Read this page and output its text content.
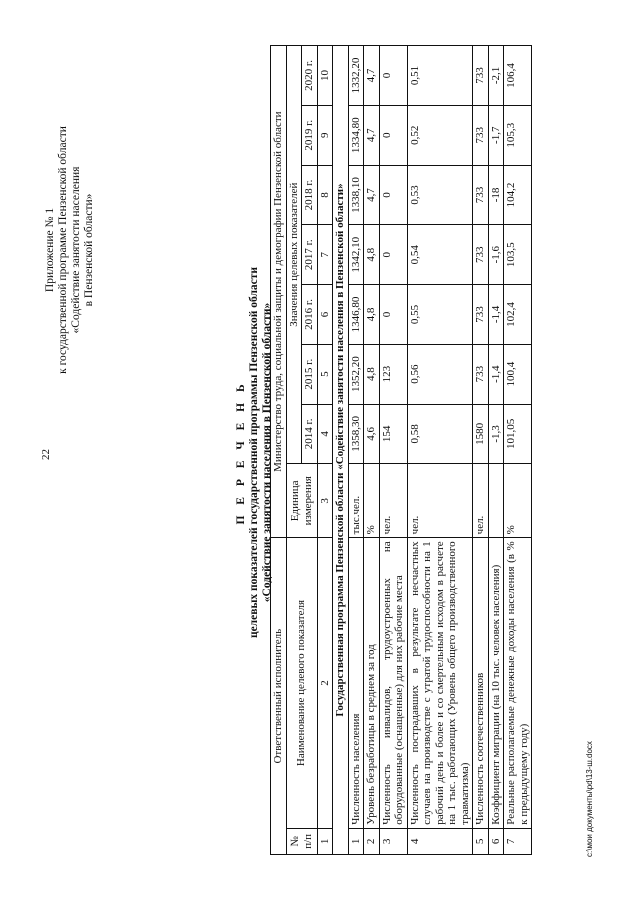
22
Приложение № 1 к государственной программе Пензенской области «Содействие занятости населения в Пензенской области»
П Е Р Е Ч Е Н Ь целевых показателей государственной программы Пензенской области «Содействие занятости населения в Пензенской области»
Ответственный исполнитель		Министерство труда, социальной защиты и демографии Пензенской области							
№ п/п	Наименование целевого показателя	Единица измерения	Значения целевых показателей						
			2014 г.	2015 г.	2016 г.	2017 г.	2018 г.	2019 г.	2020 г.
1	2	3	4	5	6	7	8	9	10
Государственная программа Пензенской области «Содействие занятости населения в Пензенской области»									
1	Численность населения	тыс.чел.	1358,30	1352,20	1346,80	1342,10	1338,10	1334,80	1332,20
2	Уровень безработицы в среднем за год	%	4,6	4,8	4,8	4,8	4,7	4,7	4,7
3	Численность инвалидов, трудоустроенных на оборудованные (оснащенные) для них рабочие места	чел.	154	123	0	0	0	0	0
4	Численность пострадавших в результате несчастных случаев на производстве с утратой трудоспособности на 1 рабочий день и более и со смертельным исходом в расчете на 1 тыс. работающих (Уровень общего производственного травматизма)	чел.	0,58	0,56	0,55	0,54	0,53	0,52	0,51
5	Численность соотечественников	чел.	1580	733	733	733	733	733	733
6	Коэффициент миграции (на 10 тыс. человек населения)		-1,3	-1,4	-1,4	-1,6	-18	-1,7	-2,1
7	Реальные располагаемые денежные доходы населения (в % к предыдущему году)	%	101,05	100,4	102,4	103,5	104,2	105,3	106,4
c:\мои документы\pd\13-ш.docx
